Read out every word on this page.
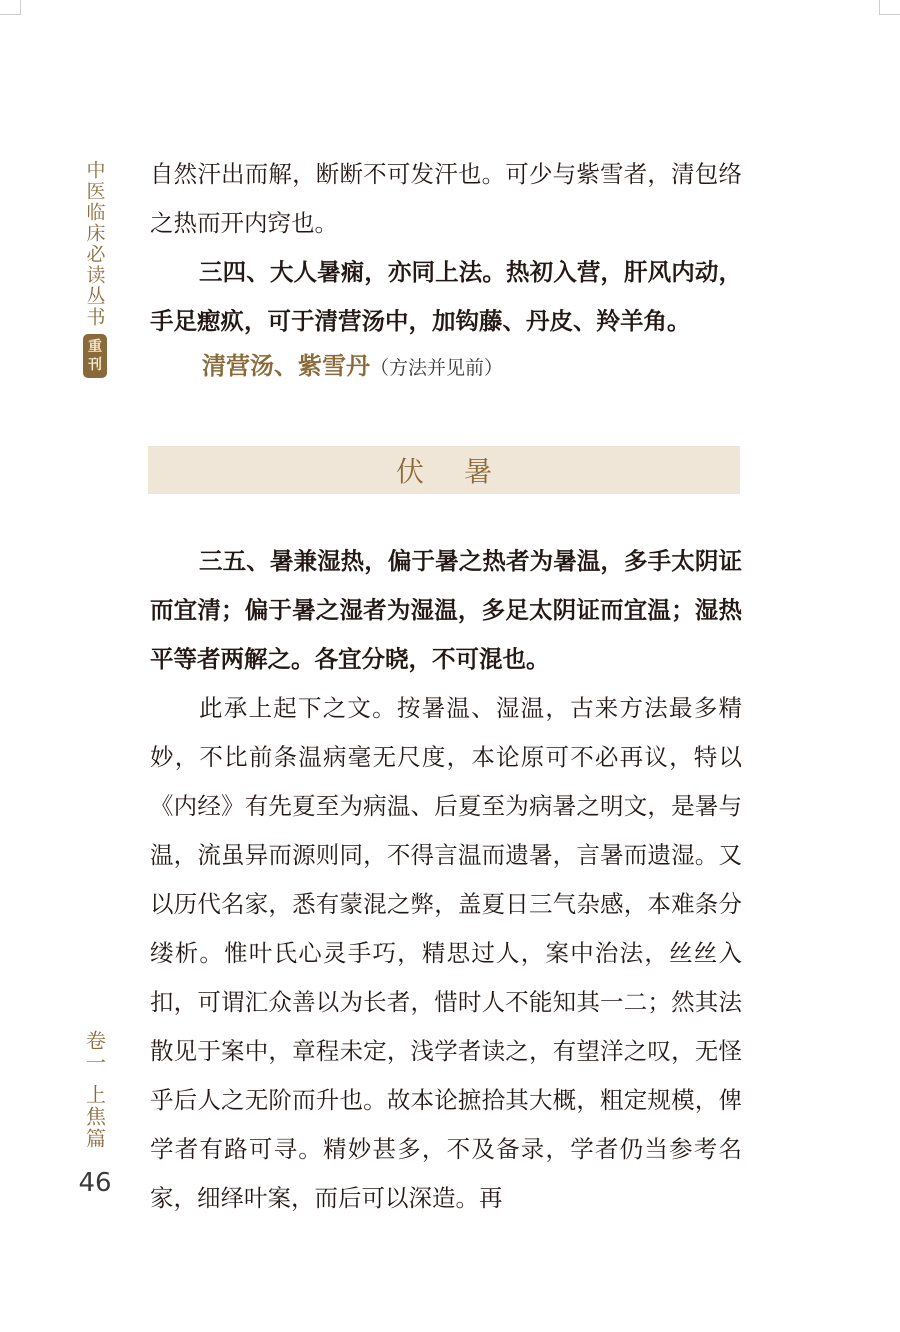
中医临床必读丛书
重
刊
卷一
上焦篇
46

自然汗出而解，断断不可发汗也。可少与紫雪者，清包络之热而开内窍也。

三四、大人暑痫，亦同上法。热初入营，肝风内动，手足瘛疭，可于清营汤中，加钩藤、丹皮、羚羊角。

清营汤、紫雪丹（方法并见前）

伏暑

三五、暑兼湿热，偏于暑之热者为暑温，多手太阴证而宜清；偏于暑之湿者为湿温，多足太阴证而宜温；湿热平等者两解之。各宜分晓，不可混也。

此承上起下之文。按暑温、湿温，古来方法最多精妙，不比前条温病毫无尺度，本论原可不必再议，特以《内经》有先夏至为病温、后夏至为病暑之明文，是暑与温，流虽异而源则同，不得言温而遗暑，言暑而遗湿。又以历代名家，悉有蒙混之弊，盖夏日三气杂感，本难条分缕析。惟叶氏心灵手巧，精思过人，案中治法，丝丝入扣，可谓汇众善以为长者，惜时人不能知其一二；然其法散见于案中，章程未定，浅学者读之，有望洋之叹，无怪乎后人之无阶而升也。故本论摭拾其大概，粗定规模，俾学者有路可寻。精妙甚多，不及备录，学者仍当参考名家，细绎叶案，而后可以深造。再
